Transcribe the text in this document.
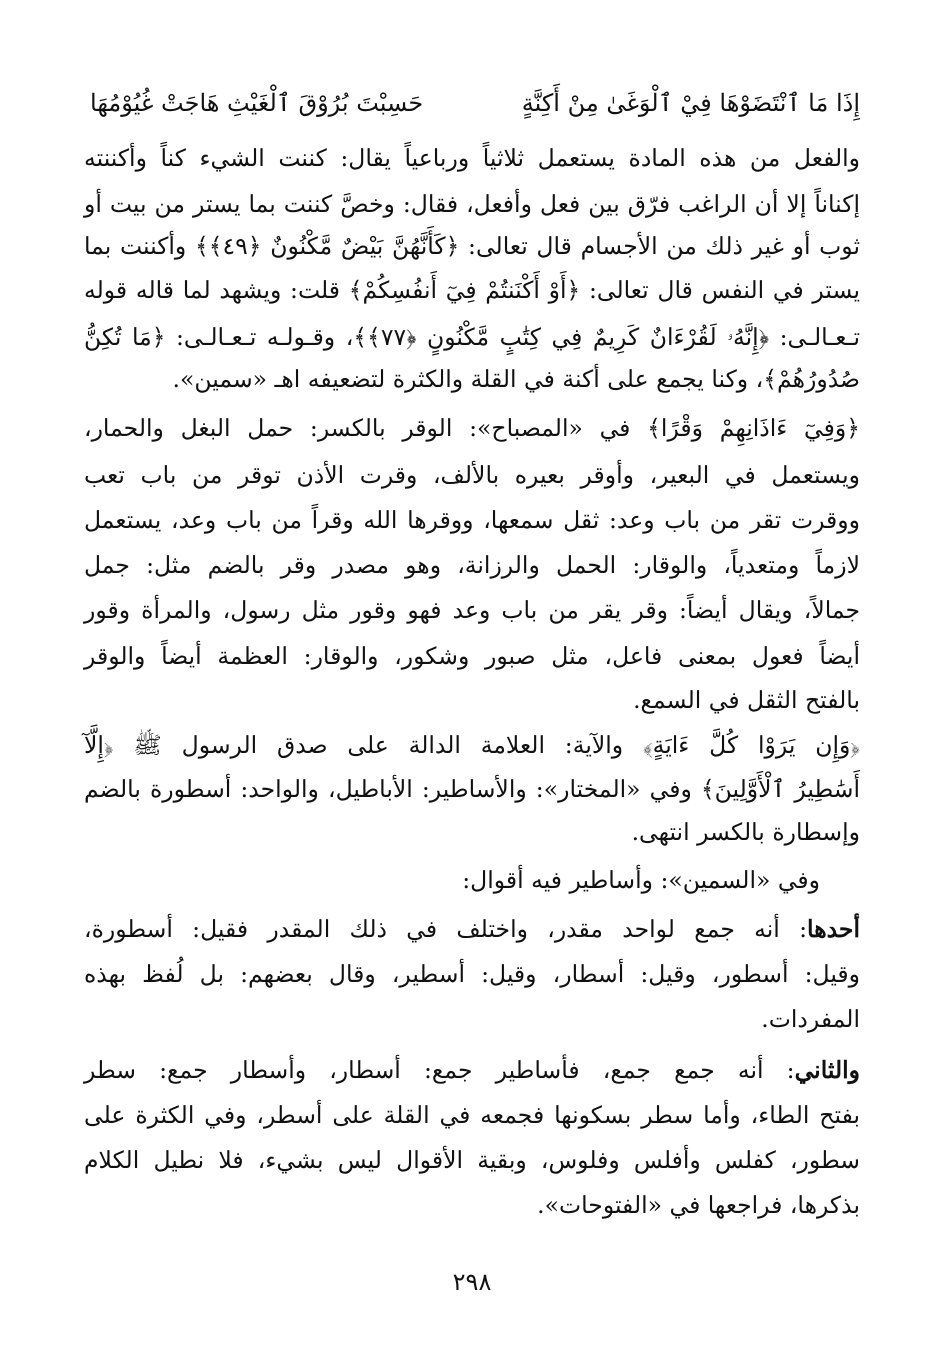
إِذَا مَا ٱنْتَضَوْهَا فِيْ ٱلْوَغَىٰ مِنْ أَكِنَّةٍ
حَسِبْتَ بُرُوْقَ ٱلْغَيْثِ هَاجَتْ غُيُوْمُهَا
والفعل من هذه المادة يستعمل ثلاثياً ورباعياً يقال: كننت الشيء كناً وأكننته
إكناناً إلا أن الراغب فرّق بين فعل وأفعل، فقال: وخصَّ كننت بما يستر من بيت أو
ثوب أو غير ذلك من الأجسام قال تعالى: ﴿كَأَنَّهُنَّ بَيْضٌ مَّكْنُونٌ ﴿٤٩﴾﴾ وأكننت بما
يستر في النفس قال تعالى: ﴿أَوْ أَكْنَنتُمْ فِيٓ أَنفُسِكُمْ﴾ قلت: ويشهد لما قاله قوله
تـعـالـى: ﴿إِنَّهُۥ لَقُرْءَانٌ كَرِيمٌ فِي كِتَٰبٍ مَّكْنُونٍ ﴿٧٧﴾﴾، وقـولـه تـعـالـى: ﴿مَا تُكِنُّ
صُدُورُهُمْ﴾، وكنا يجمع على أكنة في القلة والكثرة لتضعيفه اهـ «سمين».
﴿وَفِيٓ ءَاذَانِهِمْ وَقْرًا﴾ في «المصباح»: الوقر بالكسر: حمل البغل والحمار،
ويستعمل في البعير، وأوقر بعيره بالألف، وقرت الأذن توقر من باب تعب
ووقرت تقر من باب وعد: ثقل سمعها، ووقرها الله وقراً من باب وعد، يستعمل
لازماً ومتعدياً، والوقار: الحمل والرزانة، وهو مصدر وقر بالضم مثل: جمل
جمالاً، ويقال أيضاً: وقر يقر من باب وعد فهو وقور مثل رسول، والمرأة وقور
أيضاً فعول بمعنى فاعل، مثل صبور وشكور، والوقار: العظمة أيضاً والوقر
بالفتح الثقل في السمع.
﴿وَإِن يَرَوْا كُلَّ ءَايَةٍ﴾ والآية: العلامة الدالة على صدق الرسول ﷺ ﴿إِلَّآ
أَسَٰطِيرُ ٱلْأَوَّلِينَ﴾ وفي «المختار»: والأساطير: الأباطيل، والواحد: أسطورة بالضم
وإسطارة بالكسر انتهى.
وفي «السمين»: وأساطير فيه أقوال:
أحدها: أنه جمع لواحد مقدر، واختلف في ذلك المقدر فقيل: أسطورة،
وقيل: أسطور، وقيل: أسطار، وقيل: أسطير، وقال بعضهم: بل لُفظ بهذه
المفردات.
والثاني: أنه جمع جمع، فأساطير جمع: أسطار، وأسطار جمع: سطر
بفتح الطاء، وأما سطر بسكونها فجمعه في القلة على أسطر، وفي الكثرة على
سطور، كفلس وأفلس وفلوس، وبقية الأقوال ليس بشيء، فلا نطيل الكلام
بذكرها، فراجعها في «الفتوحات».
٢٩٨
